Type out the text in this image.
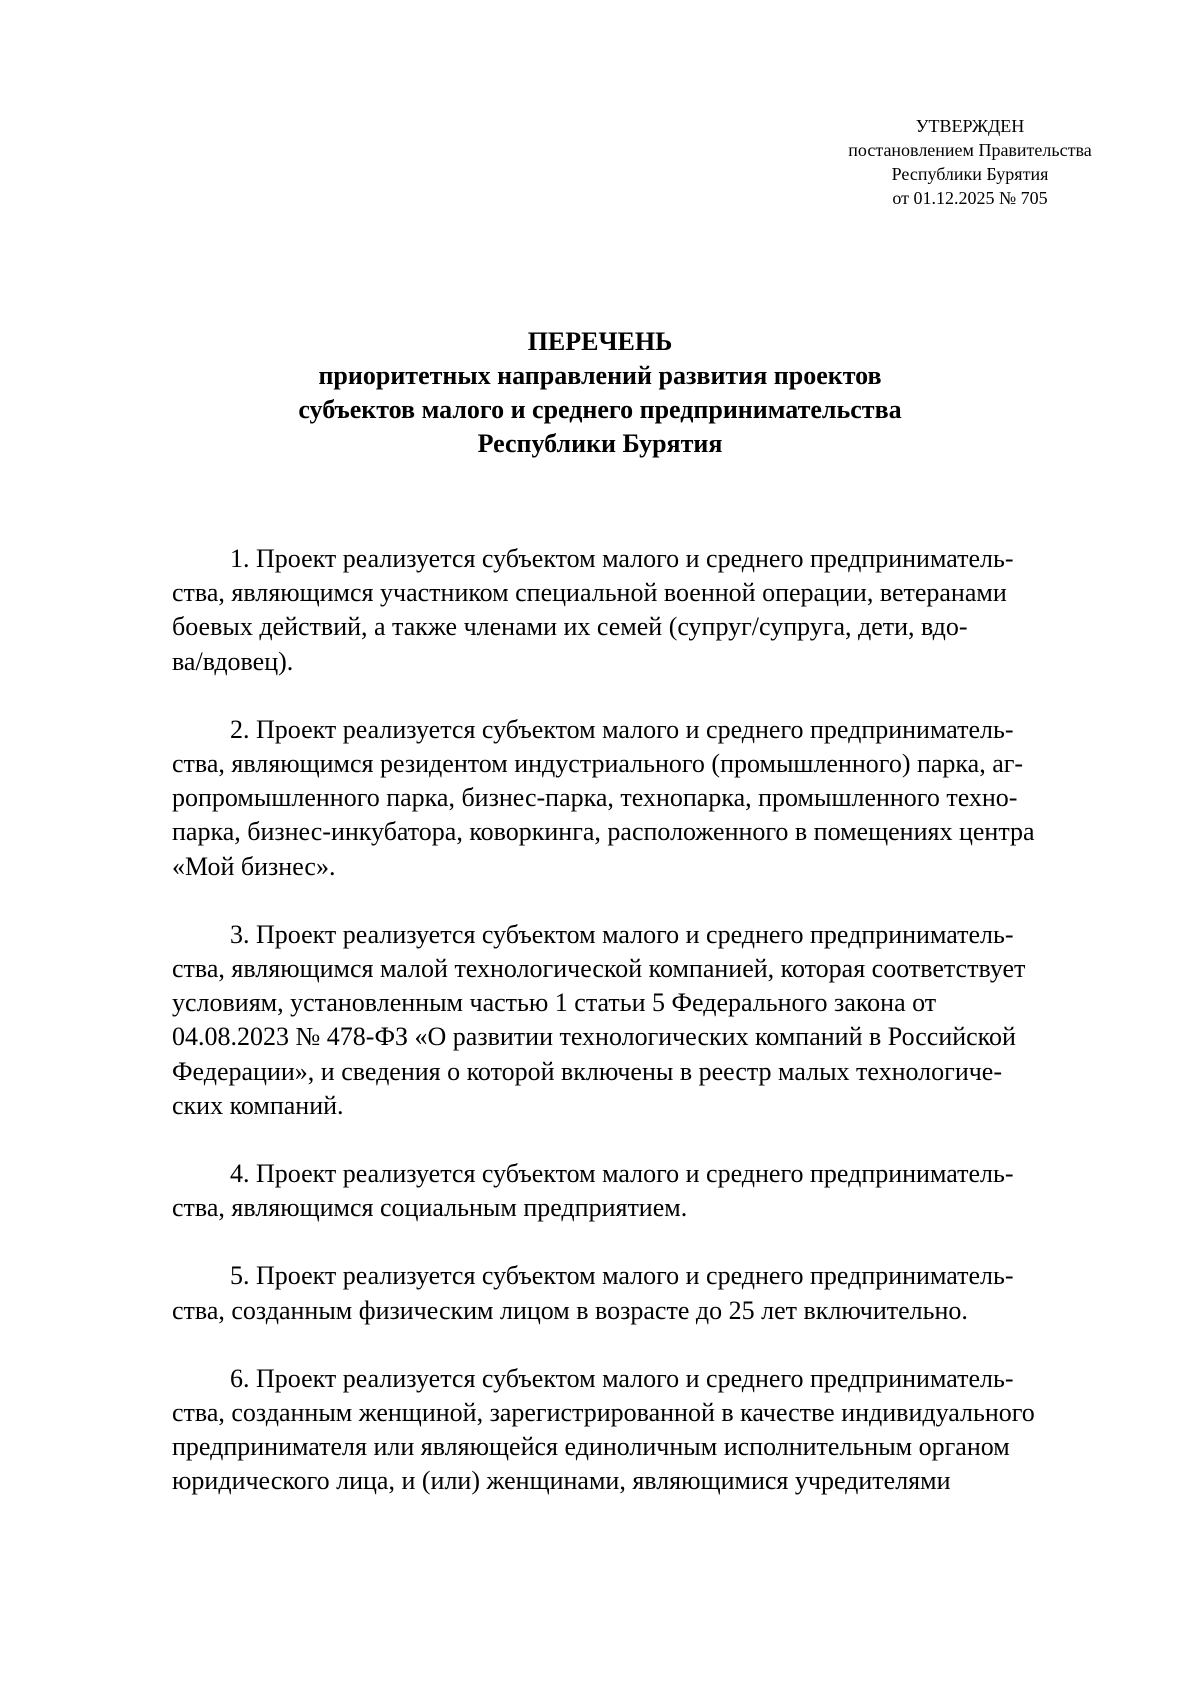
УТВЕРЖДЕН
постановлением Правительства
Республики Бурятия
от 01.12.2025 № 705
ПЕРЕЧЕНЬ
приоритетных направлений развития проектов
субъектов малого и среднего предпринимательства
Республики Бурятия

1. Проект реализуется субъектом малого и среднего предприниматель-
ства, являющимся участником специальной военной операции, ветеранами
боевых действий, а также членами их семей (супруг/супруга, дети, вдо-
ва/вдовец).

2. Проект реализуется субъектом малого и среднего предприниматель-
ства, являющимся резидентом индустриального (промышленного) парка, аг-
ропромышленного парка, бизнес-парка, технопарка, промышленного техно-
парка, бизнес-инкубатора, коворкинга, расположенного в помещениях центра
«Мой бизнес».

3. Проект реализуется субъектом малого и среднего предприниматель-
ства, являющимся малой технологической компанией, которая соответствует
условиям, установленным частью 1 статьи 5 Федерального закона от
04.08.2023 № 478-ФЗ «О развитии технологических компаний в Российской
Федерации», и сведения о которой включены в реестр малых технологиче-
ских компаний.

4. Проект реализуется субъектом малого и среднего предприниматель-
ства, являющимся социальным предприятием.

5. Проект реализуется субъектом малого и среднего предприниматель-
ства, созданным физическим лицом в возрасте до 25 лет включительно.

6. Проект реализуется субъектом малого и среднего предприниматель-
ства, созданным женщиной, зарегистрированной в качестве индивидуального
предпринимателя или являющейся единоличным исполнительным органом
юридического лица, и (или) женщинами, являющимися учредителями
